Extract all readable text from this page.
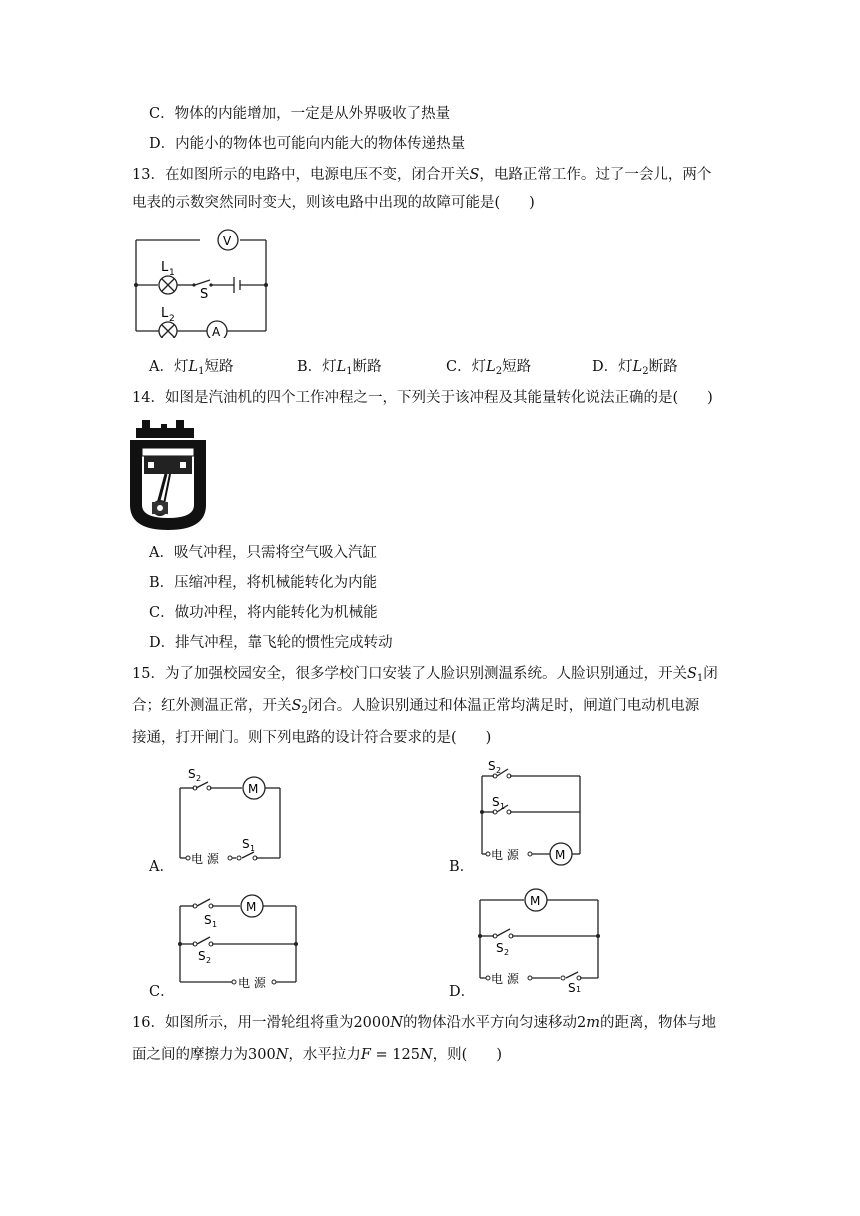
C．物体的内能增加，一定是从外界吸收了热量
D．内能小的物体也可能向内能大的物体传递热量
13．在如图所示的电路中，电源电压不变，闭合开关S，电路正常工作。过了一会儿，两个
电表的示数突然同时变大，则该电路中出现的故障可能是(　　)
V
A
L 1
L 2
S
A．灯$L_1$短路	B．灯$L_1$断路	C．灯$L_2$短路	D．灯$L_2$断路
14．如图是汽油机的四个工作冲程之一，下列关于该冲程及其能量转化说法正确的是(　　)
A．吸气冲程，只需将空气吸入汽缸
B．压缩冲程，将机械能转化为内能
C．做功冲程，将内能转化为机械能
D．排气冲程，靠飞轮的惯性完成转动
15．为了加强校园安全，很多学校门口安装了人脸识别测温系统。人脸识别通过，开关$S_1$闭
合；红外测温正常，开关$S_2$闭合。人脸识别通过和体温正常均满足时，闸道门电动机电源
接通，打开闸门。则下列电路的设计符合要求的是(　　)
S 2
M
电 源
S 1
A．
S 2
S 1
电 源	M
B．
S 1
M
S 2
电 源
C．
M
S 2
电 源
S 1
D．
16．如图所示，用一滑轮组将重为2000N的物体沿水平方向匀速移动2m的距离，物体与地
面之间的摩擦力为300N，水平拉力F = 125N，则(　　)
